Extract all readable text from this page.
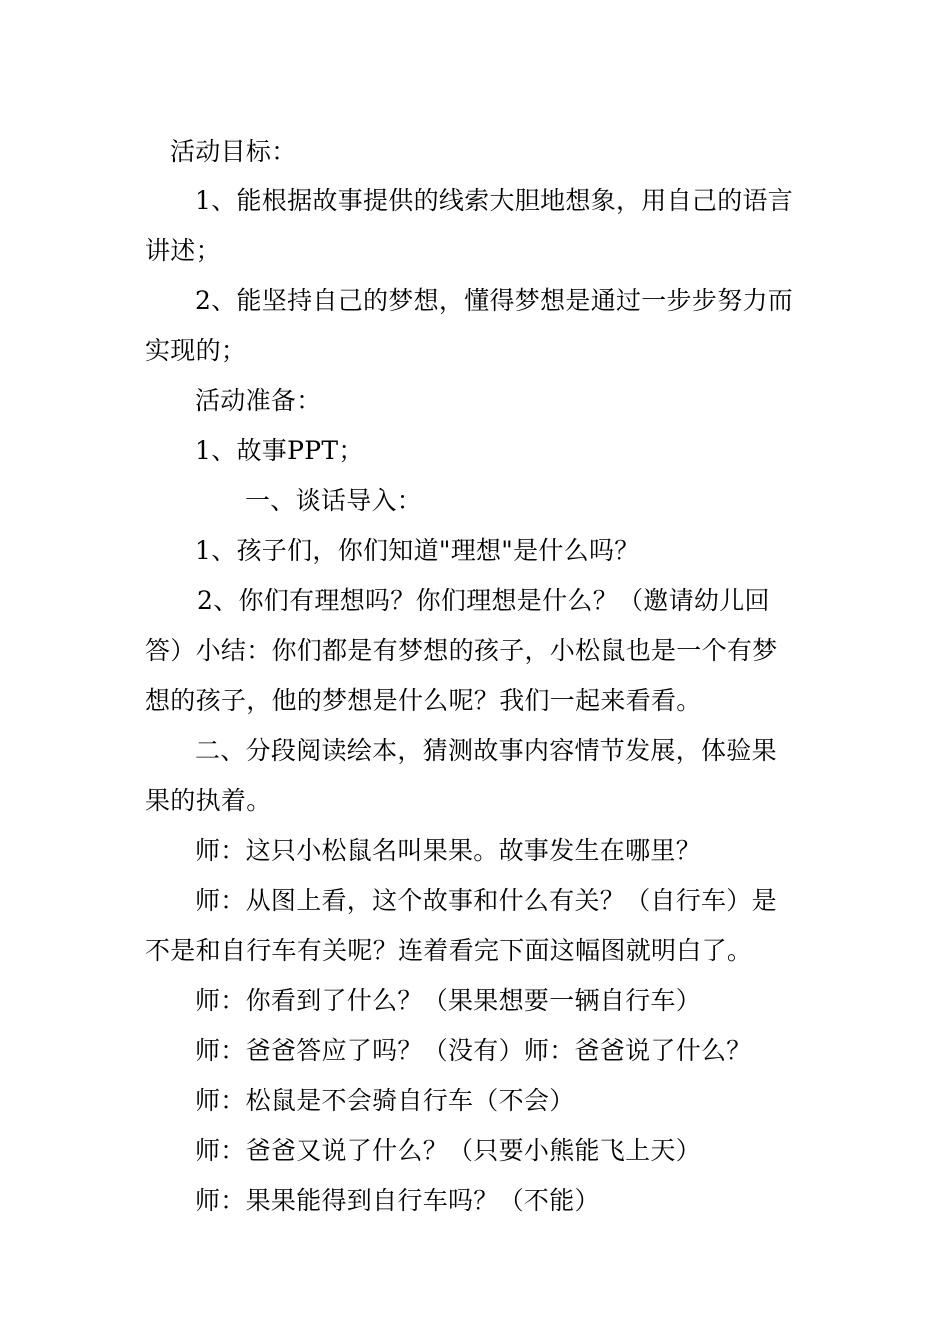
活动目标：
1、能根据故事提供的线索大胆地想象，用自己的语言
讲述；
2、能坚持自己的梦想，懂得梦想是通过一步步努力而
实现的；
活动准备：
1、故事PPT；
一、谈话导入：
1、孩子们，你们知道"理想"是什么吗？
2、你们有理想吗？你们理想是什么？（邀请幼儿回
答）小结：你们都是有梦想的孩子，小松鼠也是一个有梦
想的孩子，他的梦想是什么呢？我们一起来看看。
二、分段阅读绘本，猜测故事内容情节发展，体验果
果的执着。
师：这只小松鼠名叫果果。故事发生在哪里？
师：从图上看，这个故事和什么有关？（自行车）是
不是和自行车有关呢？连着看完下面这幅图就明白了。
师：你看到了什么？（果果想要一辆自行车）
师：爸爸答应了吗？（没有）师：爸爸说了什么？
师：松鼠是不会骑自行车（不会）
师：爸爸又说了什么？（只要小熊能飞上天）
师：果果能得到自行车吗？（不能）
